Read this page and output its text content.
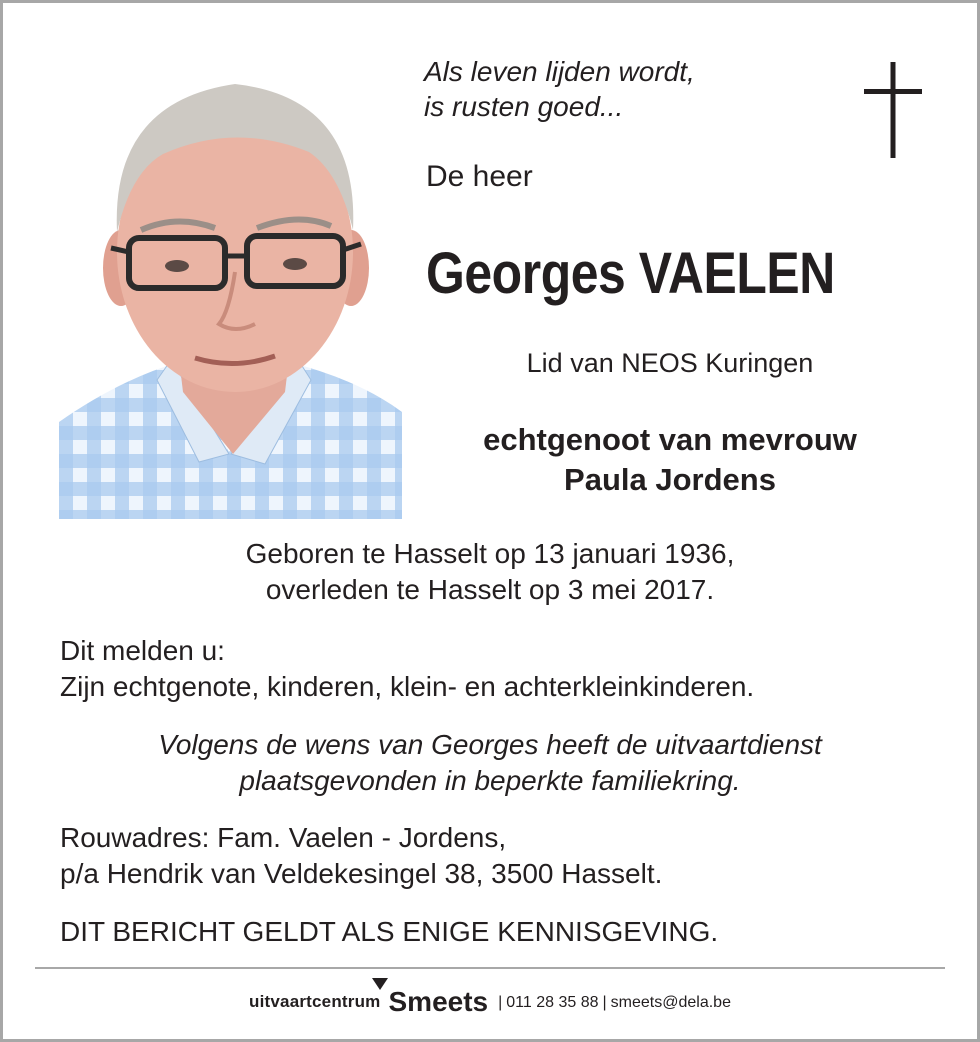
Als leven lijden wordt,
is rusten goed...
De heer
Georges VAELEN
Lid van NEOS Kuringen
echtgenoot van mevrouw
Paula Jordens
Geboren te Hasselt op 13 januari 1936,
overleden te Hasselt op 3 mei 2017.
Dit melden u:
Zijn echtgenote, kinderen, klein- en achterkleinkinderen.
Volgens de wens van Georges heeft de uitvaartdienst
plaatsgevonden in beperkte familiekring.
Rouwadres: Fam. Vaelen - Jordens,
p/a Hendrik van Veldekesingel 38, 3500 Hasselt.
DIT BERICHT GELDT ALS ENIGE KENNISGEVING.
uitvaartcentrum Smeets | 011 28 35 88 | smeets@dela.be
